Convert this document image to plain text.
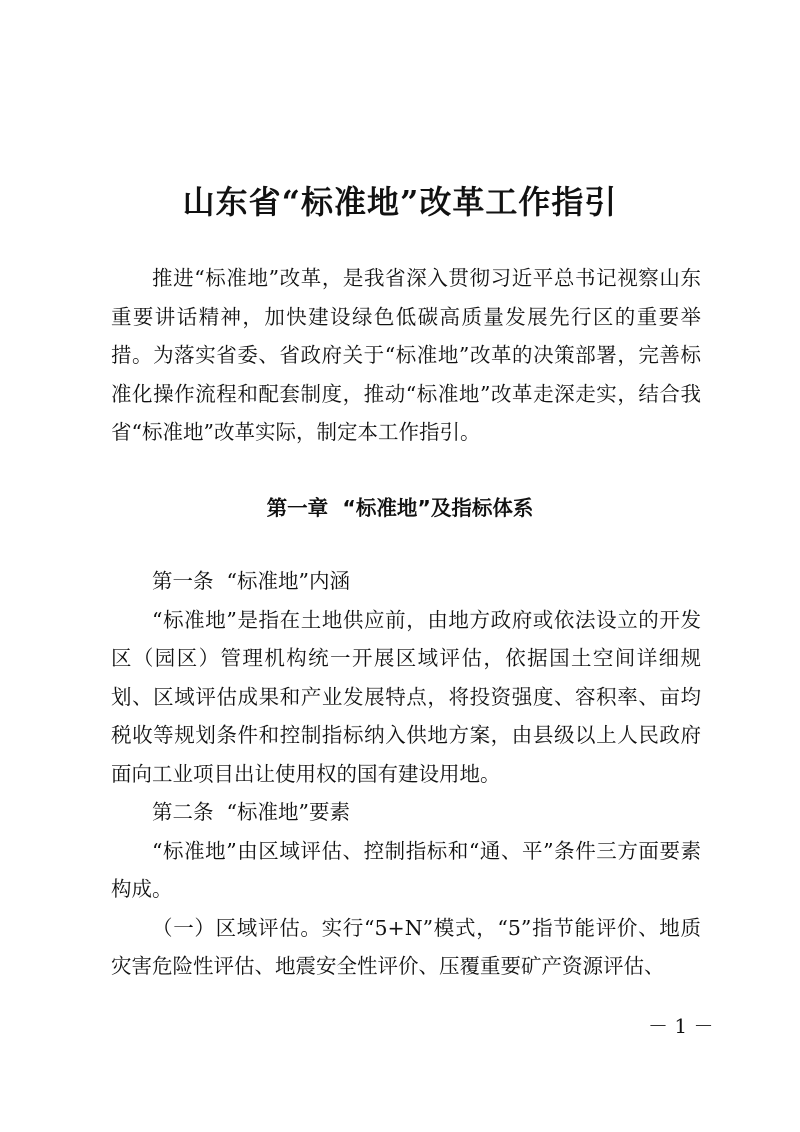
山东省“标准地”改革工作指引

推进“标准地”改革，是我省深入贯彻习近平总书记视察山东重要讲话精神，加快建设绿色低碳高质量发展先行区的重要举措。为落实省委、省政府关于“标准地”改革的决策部署，完善标准化操作流程和配套制度，推动“标准地”改革走深走实，结合我省“标准地”改革实际，制定本工作指引。

第一章  “标准地”及指标体系
第一条  “标准地”内涵

“标准地”是指在土地供应前，由地方政府或依法设立的开发区（园区）管理机构统一开展区域评估，依据国土空间详细规划、区域评估成果和产业发展特点，将投资强度、容积率、亩均税收等规划条件和控制指标纳入供地方案，由县级以上人民政府面向工业项目出让使用权的国有建设用地。

第二条  “标准地”要素

“标准地”由区域评估、控制指标和“通、平”条件三方面要素构成。

（一）区域评估。实行“5+N”模式，“5”指节能评价、地质灾害危险性评估、地震安全性评价、压覆重要矿产资源评估、

－ 1 －
